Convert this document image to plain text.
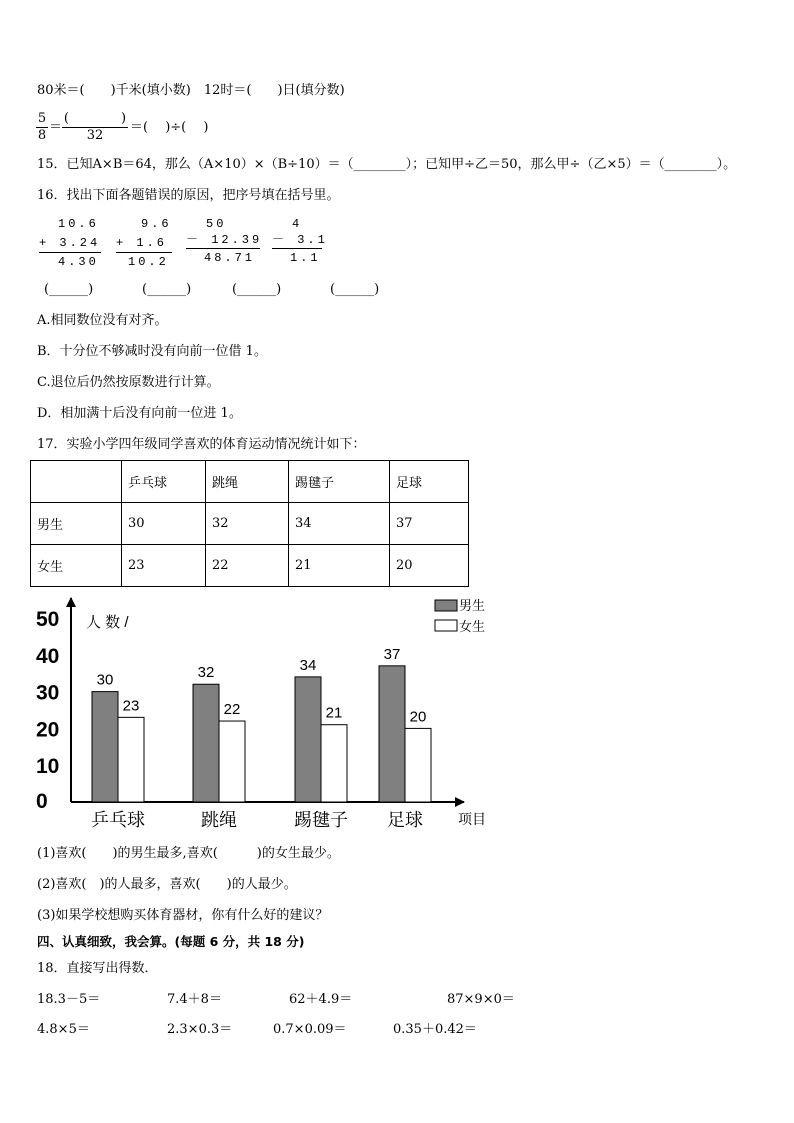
80米＝(　　)千米(填小数)　12时＝(　　)日(填分数)
5
8
＝
(　　　　)
32
＝(　 )÷(　 )
15．已知A×B＝64，那么（A×10）×（B÷10）＝（________）；已知甲÷乙＝50，那么甲÷（乙×5）＝（________）。
16．找出下面各题错误的原因，把序号填在括号里。
10.6
+ 3.24
4.30
9.6
+ 1.6
10.2
50
－ 12.39
48.71
4
－ 3.1
1.1
(______)	(______)	(______)	(______)
A.相同数位没有对齐。
B．十分位不够减时没有向前一位借 1。
C.退位后仍然按原数进行计算。
D．相加满十后没有向前一位进 1。
17．实验小学四年级同学喜欢的体育运动情况统计如下：
	乒乓球	跳绳	踢毽子	足球
男生	30	32	34	37
女生	23	22	21	20
0
10
20
30
40
50
30
23
32
22
34
21
37
20
乒乓球	跳绳	踢毽子 足球
人 数 /
项目
男生
女生
(1)喜欢(　　)的男生最多,喜欢(　　　)的女生最少。
(2)喜欢(　)的人最多，喜欢(　　)的人最少。
(3)如果学校想购买体育器材，你有什么好的建议？
四、认真细致，我会算。(每题 6 分，共 18 分)
18．直接写出得数．
18.3－5＝	7.4＋8＝	62＋4.9＝	87×9×0＝
4.8×5＝	2.3×0.3＝	0.7×0.09＝	0.35＋0.42＝
